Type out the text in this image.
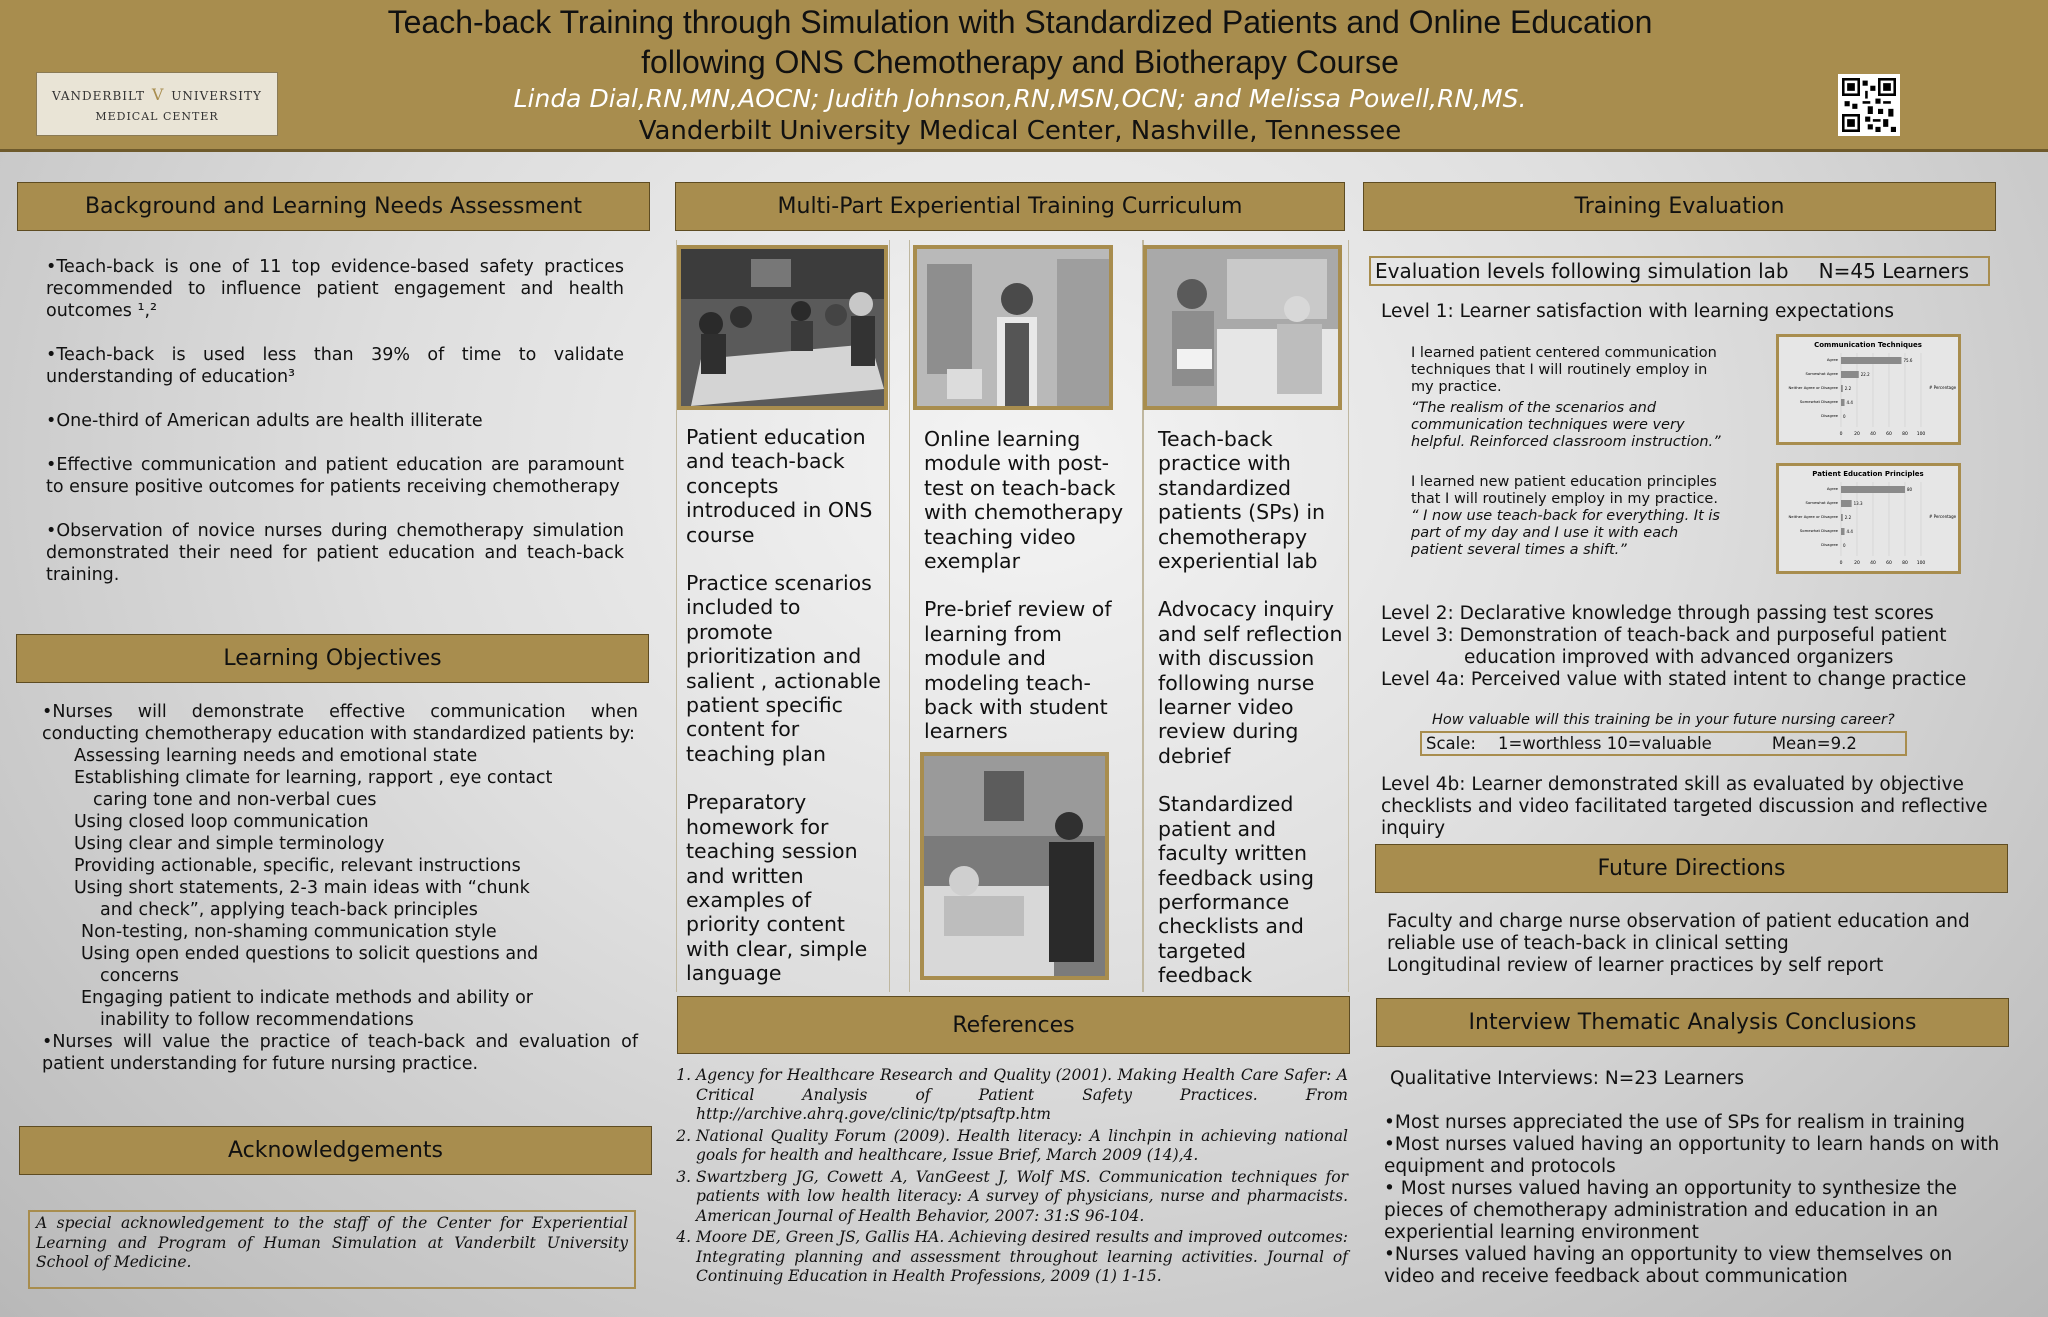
Teach-back Training through Simulation with Standardized Patients and Online Education
following ONS Chemotherapy and Biotherapy Course
Linda Dial,RN,MN,AOCN; Judith Johnson,RN,MSN,OCN; and Melissa Powell,RN,MS.
Vanderbilt University Medical Center, Nashville, Tennessee
VANDERBILT V UNIVERSITY
MEDICAL CENTER
Background and Learning Needs Assessment
•Teach-back is one of 11 top evidence-based safety practices recommended to influence patient engagement and health outcomes ¹,²
•Teach-back is used less than 39% of time to validate understanding of education³
•One-third of American adults are health illiterate
•Effective communication and patient education are paramount to ensure positive outcomes for patients receiving chemotherapy
•Observation of novice nurses during chemotherapy simulation demonstrated their need for patient education and teach-back training.
Learning Objectives
•Nurses will demonstrate effective communication when conducting chemotherapy education with standardized patients by:
Assessing learning needs and emotional state
Establishing climate for learning, rapport , eye contact
caring tone and non-verbal cues
Using closed loop communication
Using clear and simple terminology
Providing actionable, specific, relevant instructions
Using short statements, 2-3 main ideas with “chunk
and check”, applying teach-back principles
Non-testing, non-shaming communication style
Using open ended questions to solicit questions and
concerns
Engaging patient to indicate methods and ability or
inability to follow recommendations
•Nurses will value the practice of teach-back and evaluation of patient understanding for future nursing practice.
Acknowledgements
A special acknowledgement to the staff of the Center for Experiential Learning and Program of Human Simulation at Vanderbilt University School of Medicine.
Multi-Part Experiential Training Curriculum

Patient education and teach-back concepts introduced in ONS course

Practice scenarios included to promote prioritization and salient , actionable patient specific content for teaching plan

Preparatory homework for teaching session and written examples of priority content with clear, simple language

Online learning module with post-test on teach-back with chemotherapy teaching video exemplar

Pre-brief review of learning from module and modeling teach-back with student learners

Teach-back practice with standardized patients (SPs) in chemotherapy experiential lab

Advocacy inquiry and self reflection with discussion following nurse learner video review during debrief

Standardized patient and faculty written feedback using performance checklists and targeted feedback

References
1. Agency for Healthcare Research and Quality (2001). Making Health Care Safer: A Critical Analysis of Patient Safety Practices. From http://archive.ahrq.gove/clinic/tp/ptsaftp.htm
2. National Quality Forum (2009). Health literacy: A linchpin in achieving national goals for health and healthcare, Issue Brief, March 2009 (14),4.
3. Swartzberg JG, Cowett A, VanGeest J, Wolf MS. Communication techniques for patients with low health literacy: A survey of physicians, nurse and pharmacists. American Journal of Health Behavior, 2007: 31:S 96-104.
4. Moore DE, Green JS, Gallis HA. Achieving desired results and improved outcomes: Integrating planning and assessment throughout learning activities. Journal of Continuing Education in Health Professions, 2009 (1) 1-15.
Training Evaluation
Evaluation levels following simulation lab N=45 Learners
Level 1: Learner satisfaction with learning expectations
I learned patient centered communication techniques that I will routinely employ in my practice.
“The realism of the scenarios and communication techniques were very helpful. Reinforced classroom instruction.”
I learned new patient education principles that I will routinely employ in my practice.
“ I now use teach-back for everything. It is part of my day and I use it with each patient several times a shift.”
Communication Techniques
0	20 40 60 80 100
Agree	75.6
Somewhat Agree	22.2
Neither Agree or Disagree 2.2
Somewhat Disagree 4.4
Disagree 0
# Percentage
Patient Education Principles
0	20 40 60 80 100
Agree	80
Somewhat Agree	13.3
Neither Agree or Disagree 2.2
Somewhat Disagree 4.4
Disagree 0
# Percentage
Level 2: Declarative knowledge through passing test scores
Level 3: Demonstration of teach-back and purposeful patient
education improved with advanced organizers
Level 4a: Perceived value with stated intent to change practice
How valuable will this training be in your future nursing career?
Scale: 1=worthless 10=valuable	Mean=9.2
Level 4b: Learner demonstrated skill as evaluated by objective checklists and video facilitated targeted discussion and reflective inquiry
Future Directions
Faculty and charge nurse observation of patient education and
reliable use of teach-back in clinical setting
Longitudinal review of learner practices by self report
Interview Thematic Analysis Conclusions
Qualitative Interviews: N=23 Learners
•Most nurses appreciated the use of SPs for realism in training
•Most nurses valued having an opportunity to learn hands on with equipment and protocols
• Most nurses valued having an opportunity to synthesize the pieces of chemotherapy administration and education in an experiential learning environment
•Nurses valued having an opportunity to view themselves on video and receive feedback about communication
